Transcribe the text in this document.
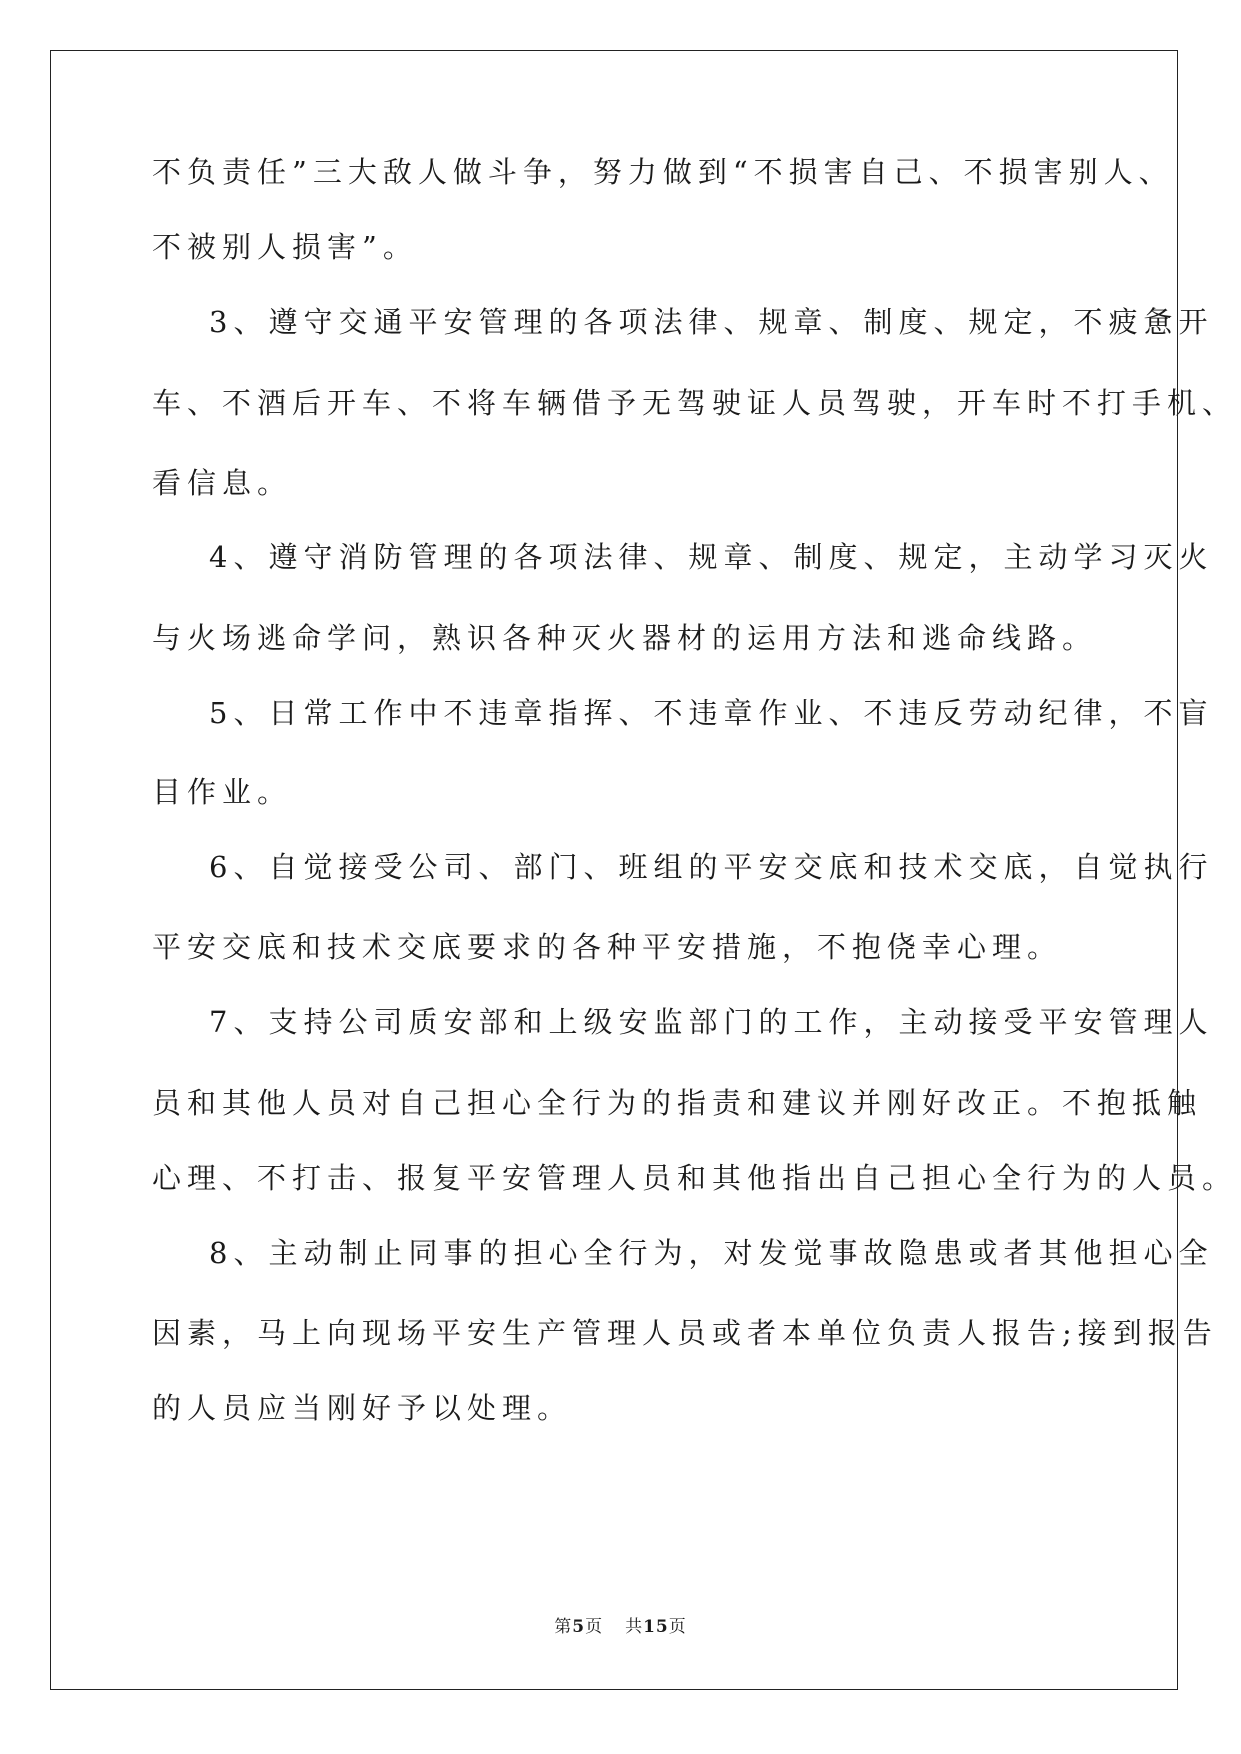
不负责任”三大敌人做斗争，努力做到“不损害自己、不损害别人、
不被别人损害”。
3、遵守交通平安管理的各项法律、规章、制度、规定，不疲惫开
车、不酒后开车、不将车辆借予无驾驶证人员驾驶，开车时不打手机、
看信息。
4、遵守消防管理的各项法律、规章、制度、规定，主动学习灭火
与火场逃命学问，熟识各种灭火器材的运用方法和逃命线路。
5、日常工作中不违章指挥、不违章作业、不违反劳动纪律，不盲
目作业。
6、自觉接受公司、部门、班组的平安交底和技术交底，自觉执行
平安交底和技术交底要求的各种平安措施，不抱侥幸心理。
7、支持公司质安部和上级安监部门的工作，主动接受平安管理人
员和其他人员对自己担心全行为的指责和建议并刚好改正。不抱抵触
心理、不打击、报复平安管理人员和其他指出自己担心全行为的人员。
8、主动制止同事的担心全行为，对发觉事故隐患或者其他担心全
因素，马上向现场平安生产管理人员或者本单位负责人报告;接到报告
的人员应当刚好予以处理。
第5页 共15页
